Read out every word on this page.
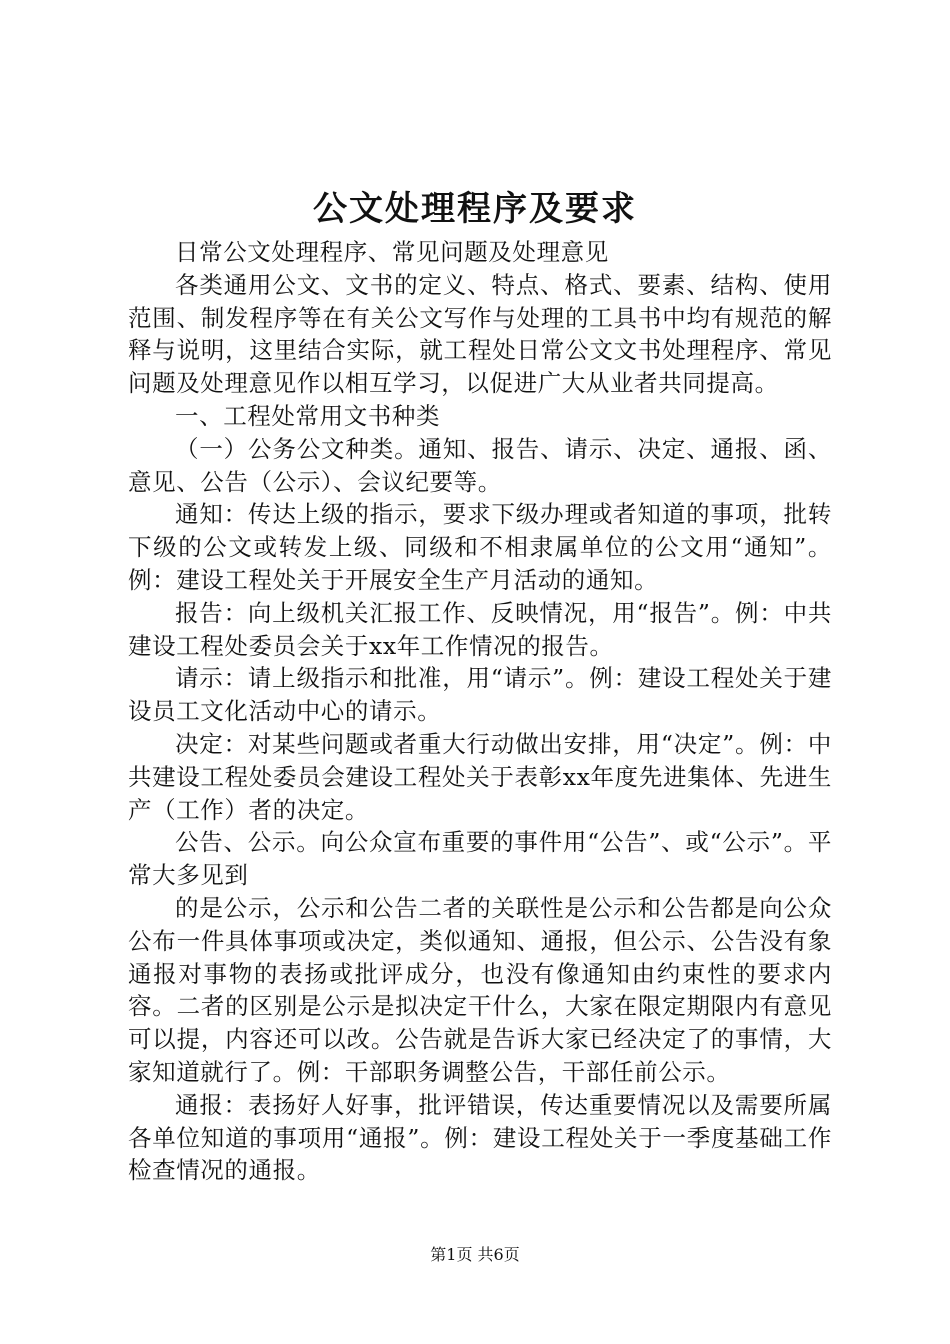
公文处理程序及要求

日常公文处理程序、常见问题及处理意见

各类通用公文、文书的定义、特点、格式、要素、结构、使用范围、制发程序等在有关公文写作与处理的工具书中均有规范的解释与说明，这里结合实际，就工程处日常公文文书处理程序、常见问题及处理意见作以相互学习，以促进广大从业者共同提高。

一、工程处常用文书种类

（一）公务公文种类。通知、报告、请示、决定、通报、函、意见、公告（公示）、会议纪要等。

通知：传达上级的指示，要求下级办理或者知道的事项，批转下级的公文或转发上级、同级和不相隶属单位的公文用“通知”。例：建设工程处关于开展安全生产月活动的通知。

报告：向上级机关汇报工作、反映情况，用“报告”。例：中共建设工程处委员会关于xx年工作情况的报告。

请示：请上级指示和批准，用“请示”。例：建设工程处关于建设员工文化活动中心的请示。

决定：对某些问题或者重大行动做出安排，用“决定”。例：中共建设工程处委员会建设工程处关于表彰xx年度先进集体、先进生产（工作）者的决定。

公告、公示。向公众宣布重要的事件用“公告”、或“公示”。平常大多见到

的是公示，公示和公告二者的关联性是公示和公告都是向公众公布一件具体事项或决定，类似通知、通报，但公示、公告没有象通报对事物的表扬或批评成分，也没有像通知由约束性的要求内容。二者的区别是公示是拟决定干什么，大家在限定期限内有意见可以提，内容还可以改。公告就是告诉大家已经决定了的事情，大家知道就行了。例：干部职务调整公告，干部任前公示。

通报：表扬好人好事，批评错误，传达重要情况以及需要所属各单位知道的事项用“通报”。例：建设工程处关于一季度基础工作检查情况的通报。

第1页 共6页
